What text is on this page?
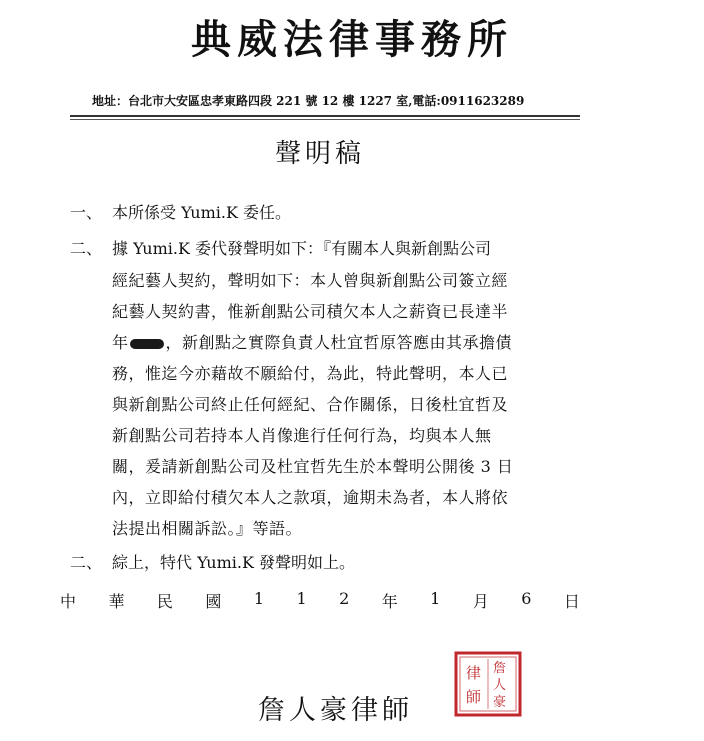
典威法律事務所
地址：台北市大安區忠孝東路四段 221 號 12 樓 1227 室,電話:0911623289
聲明稿
一、 本所係受 Yumi.K 委任。
二、 據 Yumi.K 委代發聲明如下：『有關本人與新創點公司
經紀藝人契約，聲明如下：本人曾與新創點公司簽立經
紀藝人契約書，惟新創點公司積欠本人之薪資已長達半
年 ，新創點之實際負責人杜宜哲原答應由其承擔債
務，惟迄今亦藉故不願給付，為此，特此聲明，本人已
與新創點公司終止任何經紀、合作關係，日後杜宜哲及
新創點公司若持本人肖像進行任何行為，均與本人無
關，爰請新創點公司及杜宜哲先生於本聲明公開後 3 日
內，立即給付積欠本人之款項，逾期未為者，本人將依
法提出相關訴訟。』等語。
二、 綜上，特代 Yumi.K 發聲明如上。
中 華 民 國 1 1 2 年 1 月 6 日
詹人豪律師
律
師
詹
人
豪
